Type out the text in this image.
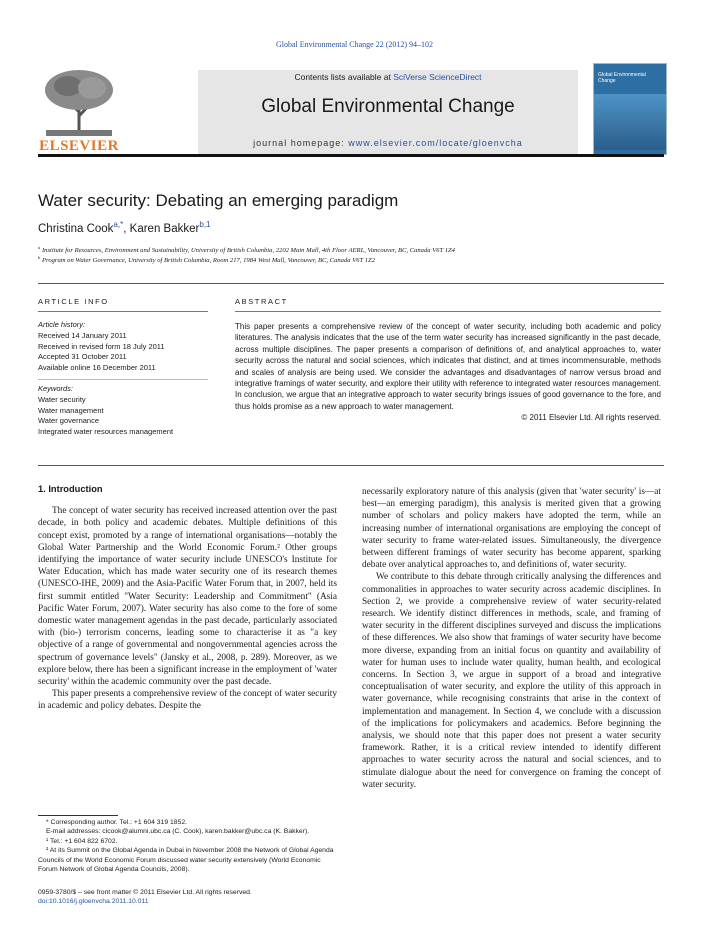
Global Environmental Change 22 (2012) 94–102
ELSEVIER
Contents lists available at SciVerse ScienceDirect
Global Environmental Change
journal homepage: www.elsevier.com/locate/gloenvcha
Global Environmental Change
Water security: Debating an emerging paradigm
Christina Cook$^{a,*}$, Karen Bakker$^{b,1}$
$^a$ Institute for Resources, Environment and Sustainability, University of British Columbia, 2202 Main Mall, 4th Floor AERL, Vancouver, BC, Canada V6T 1Z4
$^b$ Program on Water Governance, University of British Columbia, Room 217, 1984 West Mall, Vancouver, BC, Canada V6T 1Z2
ARTICLE INFO	ABSTRACT
Article history:
Received 14 January 2011
Received in revised form 18 July 2011
Accepted 31 October 2011
Available online 16 December 2011
Keywords:
Water security
Water management
Water governance
Integrated water resources management
This paper presents a comprehensive review of the concept of water security, including both academic and policy literatures. The analysis indicates that the use of the term water security has increased significantly in the past decade, across multiple disciplines. The paper presents a comparison of definitions of, and analytical approaches to, water security across the natural and social sciences, which indicates that distinct, and at times incommensurable, methods and scales of analysis are being used. We consider the advantages and disadvantages of narrow versus broad and integrative framings of water security, and explore their utility with reference to integrated water resources management. In conclusion, we argue that an integrative approach to water security brings issues of good governance to the fore, and thus holds promise as a new approach to water management.
© 2011 Elsevier Ltd. All rights reserved.
1. Introduction

The concept of water security has received increased attention over the past decade, in both policy and academic debates. Multiple definitions of this concept exist, promoted by a range of international organisations—notably the Global Water Partnership and the World Economic Forum.² Other groups identifying the importance of water security include UNESCO's Institute for Water Education, which has made water security one of its research themes (UNESCO-IHE, 2009) and the Asia-Pacific Water Forum that, in 2007, held its first summit entitled "Water Security: Leadership and Commitment" (Asia Pacific Water Forum, 2007). Water security has also come to the fore of some domestic water management agendas in the past decade, particularly associated with (bio-) terrorism concerns, leading some to characterise it as "a key objective of a range of governmental and nongovernmental agencies across the spectrum of governance levels" (Jansky et al., 2008, p. 289). Moreover, as we explore below, there has been a significant increase in the employment of 'water security' within the academic community over the past decade.

This paper presents a comprehensive review of the concept of water security in academic and policy debates. Despite the

necessarily exploratory nature of this analysis (given that 'water security' is—at best—an emerging paradigm), this analysis is merited given that a growing number of scholars and policy makers have adopted the term, while an increasing number of international organisations are employing the concept of water security to frame water-related issues. Simultaneously, the divergence between different framings of water security has become apparent, sparking debate over analytical approaches to, and definitions of, water security.

We contribute to this debate through critically analysing the differences and commonalities in approaches to water security across academic disciplines. In Section 2, we provide a comprehensive review of water security-related research. We identify distinct differences in methods, scale, and framing of water security in the different disciplines surveyed and discuss the implications of these differences. We also show that framings of water security have become more diverse, expanding from an initial focus on quantity and availability of water for human uses to include water quality, human health, and ecological concerns. In Section 3, we argue in support of a broad and integrative conceptualisation of water security, and explore the utility of this approach in water governance, while recognising constraints that arise in the context of implementation and management. In Section 4, we conclude with a discussion of the implications for policymakers and academics. Before beginning the analysis, we should note that this paper does not present a water security framework. Rather, it is a critical review intended to identify different approaches to water security across the natural and social sciences, and to stimulate dialogue about the need for convergence on framing the concept of water security.

* Corresponding author. Tel.: +1 604 319 1852.
E-mail addresses: clcook@alumni.ubc.ca (C. Cook), karen.bakker@ubc.ca (K. Bakker).
¹ Tel.: +1 604 822 6702.
² At its Summit on the Global Agenda in Dubai in November 2008 the Network of Global Agenda Councils of the World Economic Forum discussed water security extensively (World Economic Forum Network of Global Agenda Councils, 2008).
0959-3780/$ – see front matter © 2011 Elsevier Ltd. All rights reserved.
doi:10.1016/j.gloenvcha.2011.10.011
